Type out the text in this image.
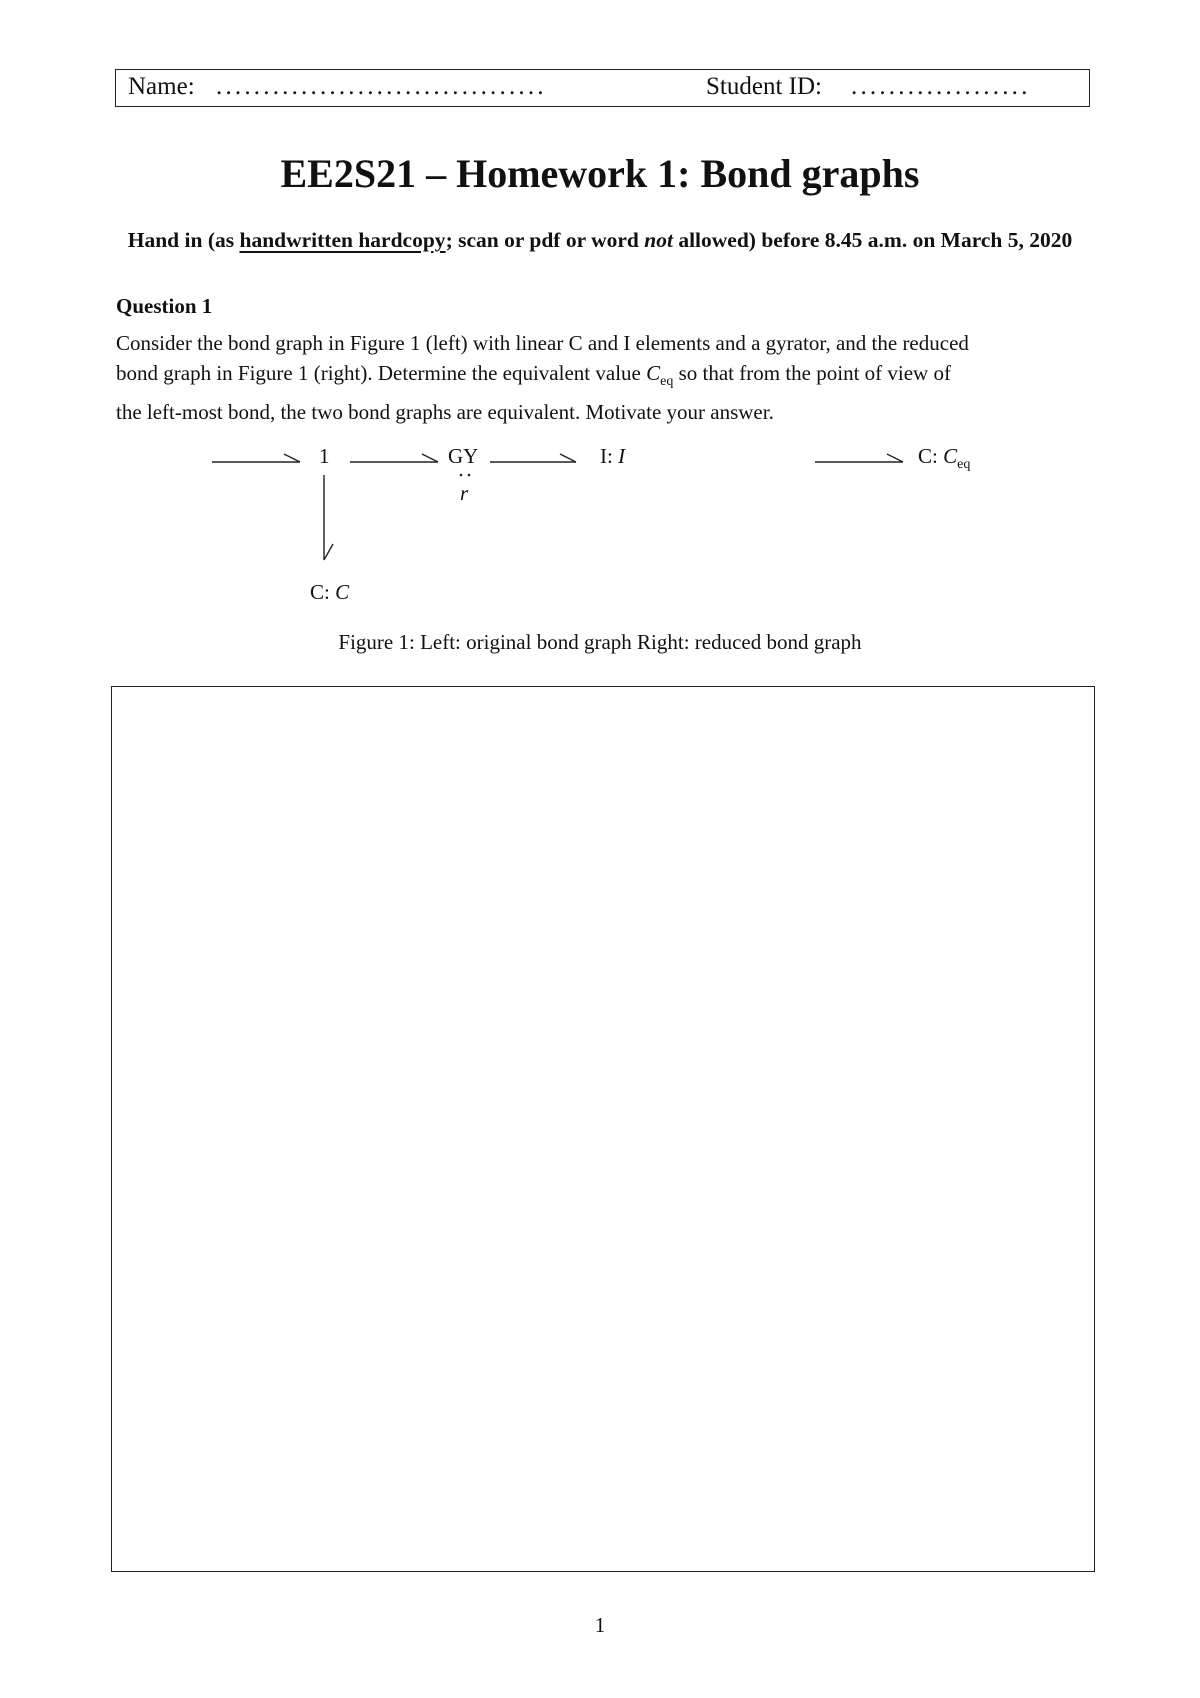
Name: ...................................	Student ID: ...................
EE2S21 – Homework 1: Bond graphs
Hand in (as handwritten hardcopy; scan or pdf or word not allowed) before 8.45 a.m. on March 5, 2020
Question 1
Consider the bond graph in Figure 1 (left) with linear C and I elements and a gyrator, and the reduced
bond graph in Figure 1 (right). Determine the equivalent value $C_{eq}$ so that from the point of view of
the left-most bond, the two bond graphs are equivalent. Motivate your answer.
1	GY
r
I: I
C: C
C: $C_{eq}$
Figure 1: Left: original bond graph Right: reduced bond graph
1
